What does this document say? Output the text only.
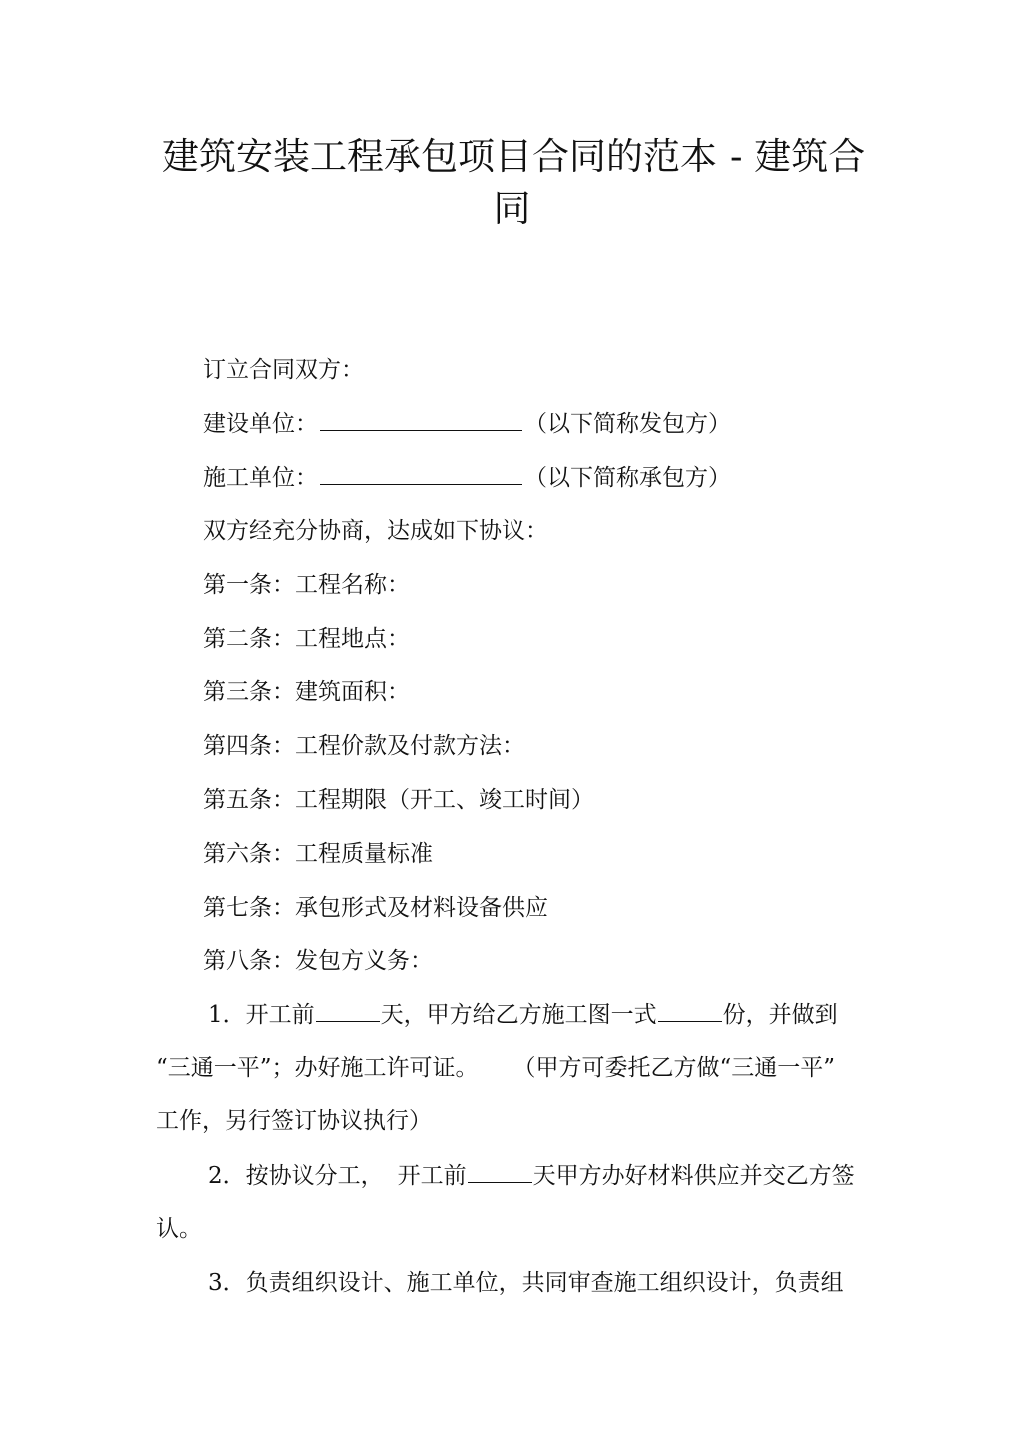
建筑安装工程承包项目合同的范本 - 建筑合
同
订立合同双方：
建设单位：	（以下简称发包方）
施工单位：	（以下简称承包方）
双方经充分协商，达成如下协议：
第一条：工程名称：
第二条：工程地点：
第三条：建筑面积：
第四条：工程价款及付款方法：
第五条：工程期限（开工、竣工时间）
第六条：工程质量标准
第七条：承包形式及材料设备供应
第八条：发包方义务：
1．开工前	天，甲方给乙方施工图一式	份，并做到
“三通一平”；办好施工许可证。 （甲方可委托乙方做“三通一平”
工作，另行签订协议执行）
2．按协议分工， 开工前	天甲方办好材料供应并交乙方签
认。
3．负责组织设计、施工单位，共同审查施工组织设计，负责组
